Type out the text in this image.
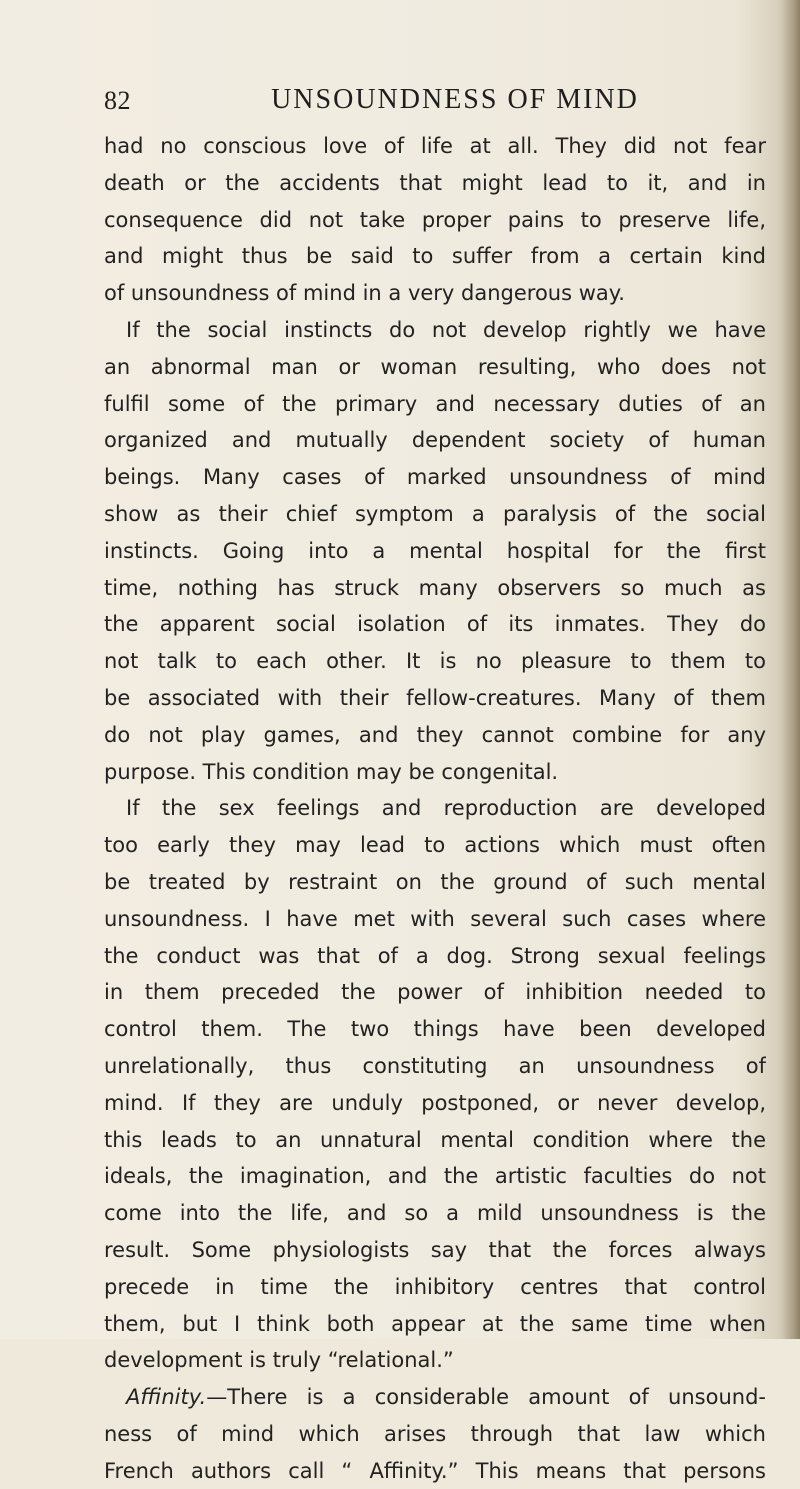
82	UNSOUNDNESS OF MIND
had no conscious love of life at all. They did not fear
death or the accidents that might lead to it, and in
consequence did not take proper pains to preserve life,
and might thus be said to suffer from a certain kind
of unsoundness of mind in a very dangerous way.
If the social instincts do not develop rightly we have
an abnormal man or woman resulting, who does not
fulfil some of the primary and necessary duties of an
organized and mutually dependent society of human
beings. Many cases of marked unsoundness of mind
show as their chief symptom a paralysis of the social
instincts. Going into a mental hospital for the first
time, nothing has struck many observers so much as
the apparent social isolation of its inmates. They do
not talk to each other. It is no pleasure to them to
be associated with their fellow-creatures. Many of them
do not play games, and they cannot combine for any
purpose. This condition may be congenital.
If the sex feelings and reproduction are developed
too early they may lead to actions which must often
be treated by restraint on the ground of such mental
unsoundness. I have met with several such cases where
the conduct was that of a dog. Strong sexual feelings
in them preceded the power of inhibition needed to
control them. The two things have been developed
unrelationally, thus constituting an unsoundness of
mind. If they are unduly postponed, or never develop,
this leads to an unnatural mental condition where the
ideals, the imagination, and the artistic faculties do not
come into the life, and so a mild unsoundness is the
result. Some physiologists say that the forces always
precede in time the inhibitory centres that control
them, but I think both appear at the same time when
development is truly “relational.”
Affinity.—There is a considerable amount of unsound-
ness of mind which arises through that law which
French authors call “ Affinity.” This means that persons
